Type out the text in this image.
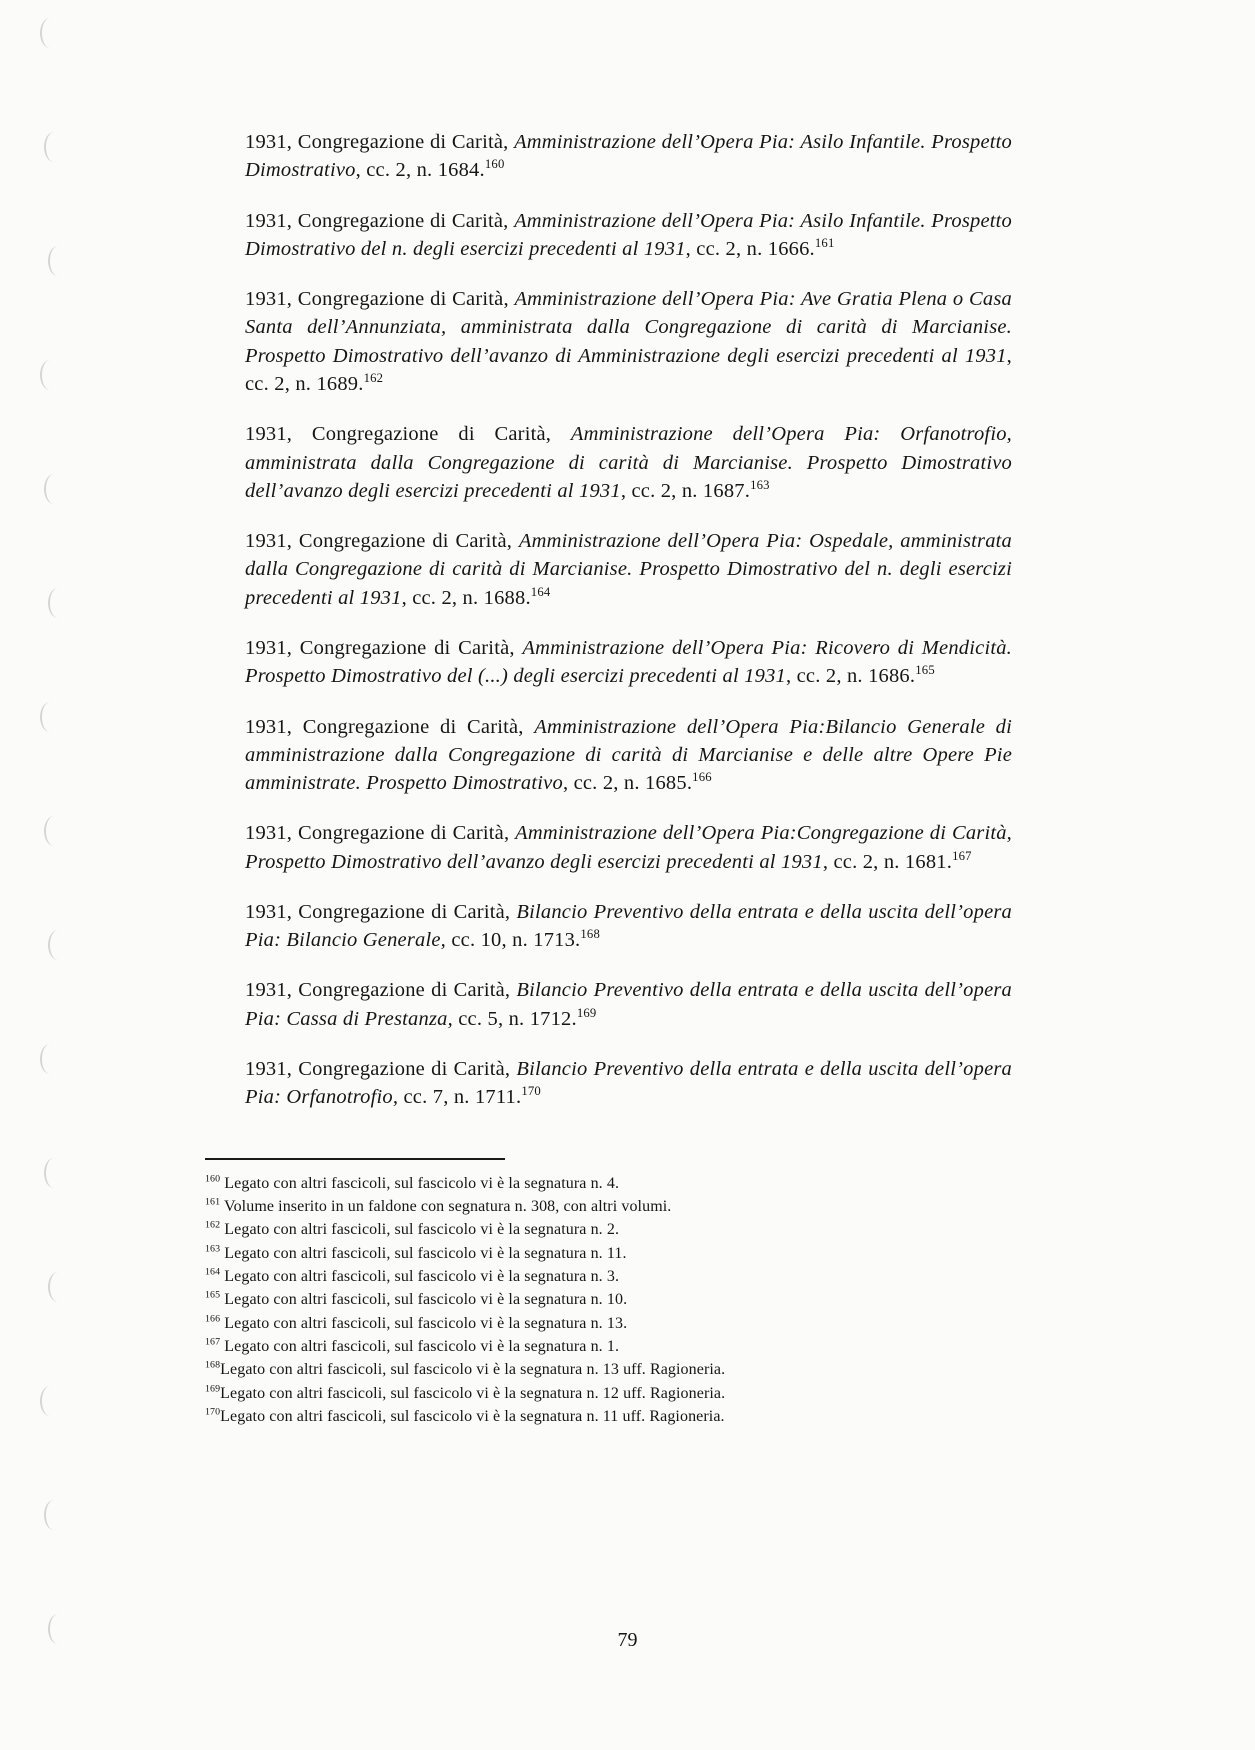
1931, Congregazione di Carità, Amministrazione dell’Opera Pia: Asilo Infantile. Prospetto Dimostrativo, cc. 2, n. 1684.$^{160}$

1931, Congregazione di Carità, Amministrazione dell’Opera Pia: Asilo Infantile. Prospetto Dimostrativo del n. degli esercizi precedenti al 1931, cc. 2, n. 1666.$^{161}$

1931, Congregazione di Carità, Amministrazione dell’Opera Pia: Ave Gratia Plena o Casa Santa dell’Annunziata, amministrata dalla Congregazione di carità di Marcianise. Prospetto Dimostrativo dell’avanzo di Amministrazione degli esercizi precedenti al 1931, cc. 2, n. 1689.$^{162}$

1931, Congregazione di Carità, Amministrazione dell’Opera Pia: Orfanotrofio, amministrata dalla Congregazione di carità di Marcianise. Prospetto Dimostrativo dell’avanzo degli esercizi precedenti al 1931, cc. 2, n. 1687.$^{163}$

1931, Congregazione di Carità, Amministrazione dell’Opera Pia: Ospedale, amministrata dalla Congregazione di carità di Marcianise. Prospetto Dimostrativo del n. degli esercizi precedenti al 1931, cc. 2, n. 1688.$^{164}$

1931, Congregazione di Carità, Amministrazione dell’Opera Pia: Ricovero di Mendicità. Prospetto Dimostrativo del (...) degli esercizi precedenti al 1931, cc. 2, n. 1686.$^{165}$

1931, Congregazione di Carità, Amministrazione dell’Opera Pia:Bilancio Generale di amministrazione dalla Congregazione di carità di Marcianise e delle altre Opere Pie amministrate. Prospetto Dimostrativo, cc. 2, n. 1685.$^{166}$

1931, Congregazione di Carità, Amministrazione dell’Opera Pia:Congregazione di Carità, Prospetto Dimostrativo dell’avanzo degli esercizi precedenti al 1931, cc. 2, n. 1681.$^{167}$

1931, Congregazione di Carità, Bilancio Preventivo della entrata e della uscita dell’opera Pia: Bilancio Generale, cc. 10, n. 1713.$^{168}$

1931, Congregazione di Carità, Bilancio Preventivo della entrata e della uscita dell’opera Pia: Cassa di Prestanza, cc. 5, n. 1712.$^{169}$

1931, Congregazione di Carità, Bilancio Preventivo della entrata e della uscita dell’opera Pia: Orfanotrofio, cc. 7, n. 1711.$^{170}$

$^{160}$ Legato con altri fascicoli, sul fascicolo vi è la segnatura n. 4.

$^{161}$ Volume inserito in un faldone con segnatura n. 308, con altri volumi.

$^{162}$ Legato con altri fascicoli, sul fascicolo vi è la segnatura n. 2.

$^{163}$ Legato con altri fascicoli, sul fascicolo vi è la segnatura n. 11.

$^{164}$ Legato con altri fascicoli, sul fascicolo vi è la segnatura n. 3.

$^{165}$ Legato con altri fascicoli, sul fascicolo vi è la segnatura n. 10.

$^{166}$ Legato con altri fascicoli, sul fascicolo vi è la segnatura n. 13.

$^{167}$ Legato con altri fascicoli, sul fascicolo vi è la segnatura n. 1.

$^{168}$Legato con altri fascicoli, sul fascicolo vi è la segnatura n. 13 uff. Ragioneria.

$^{169}$Legato con altri fascicoli, sul fascicolo vi è la segnatura n. 12 uff. Ragioneria.

$^{170}$Legato con altri fascicoli, sul fascicolo vi è la segnatura n. 11 uff. Ragioneria.

79
